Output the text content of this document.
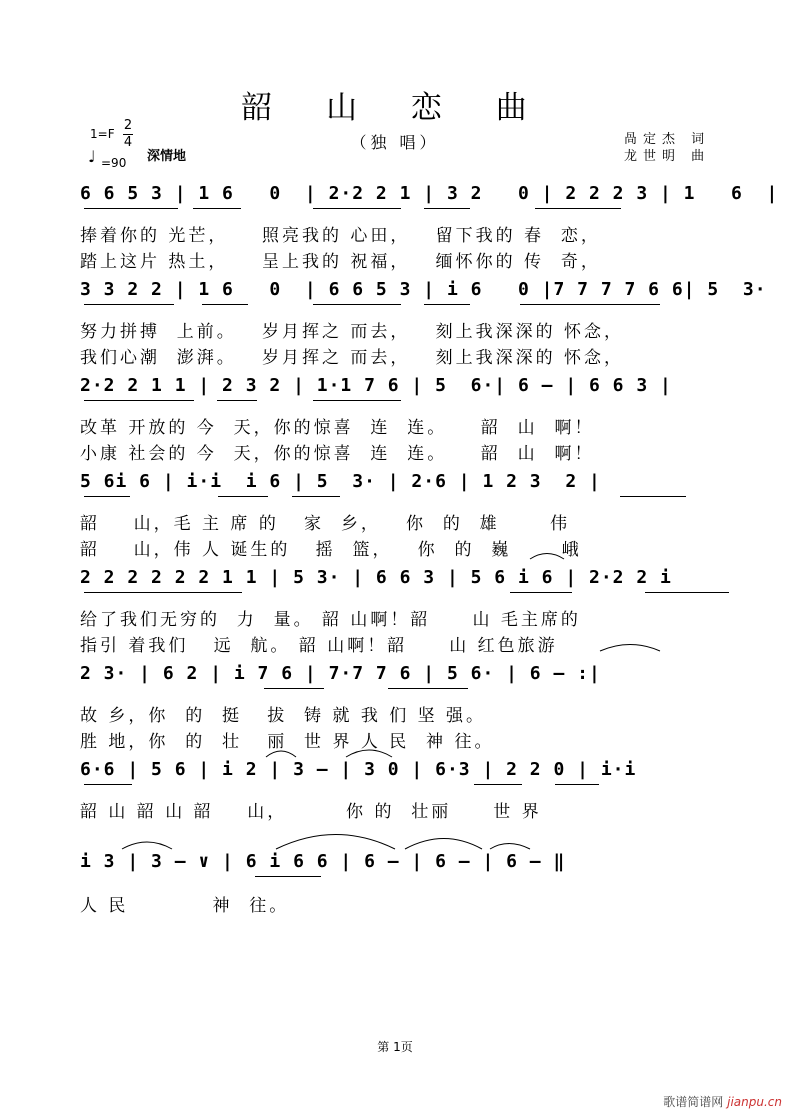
韶 山 恋 曲
（独 唱）	咼定杰 词
龙世明 曲
1=F
2
4
深情地
♩ =90
6 6 5 3 | 1 6   0  | 2·2 2 1 | 3 2   0 | 2 2 2 3 | 1   6  |
捧着你的 光芒，    照亮我的 心田，   留下我的 春  恋，
踏上这片 热土，    呈上我的 祝福，   缅怀你的 传  奇，
3 3 2 2 | 1 6   0  | 6 6 5 3 | i 6   0 |7 7 7 7 6 6| 5  3·
努力拼搏  上前。   岁月挥之 而去，   刻上我深深的 怀念，
我们心潮  澎湃。   岁月挥之 而去，   刻上我深深的 怀念，
2·2 2 1 1 | 2 3 2 | 1·1 7 6 | 5  6·| 6 – | 6 6 3 |
改革 开放的 今  天，你的惊喜  连  连。    韶  山  啊！
小康 社会的 今  天，你的惊喜  连  连。    韶  山  啊！
5 6i 6 | i·i  i 6 | 5  3· | 2·6 | 1 2 3  2 |
韶    山，毛 主 席 的   家  乡，   你  的  雄      伟
韶    山，伟 人 诞生的   摇  篮，   你  的  巍      峨
2 2 2 2 2 2 1 1 | 5 3· | 6 6 3 | 5 6 i 6 | 2·2 2 i
给了我们无穷的  力  量。 韶 山啊！韶     山 毛主席的
指引 着我们   远  航。 韶 山啊！韶     山 红色旅游
2 3· | 6 2 | i 7 6 | 7·7 7 6 | 5 6· | 6 – :|
故 乡，你  的  挺   拔  铸 就 我 们 坚 强。
胜 地，你  的  壮   丽  世 界 人 民  神 往。
6·6 | 5 6 | i 2 | 3 – | 3 0 | 6·3 | 2 2 0 | i·i
韶 山 韶 山 韶    山，       你 的  壮丽     世 界
i 3 | 3 – ∨ | 6 i 6 6 | 6 – | 6 – | 6 – ‖
人 民          神  往。
第 1页
歌谱简谱网 jianpu.cn
